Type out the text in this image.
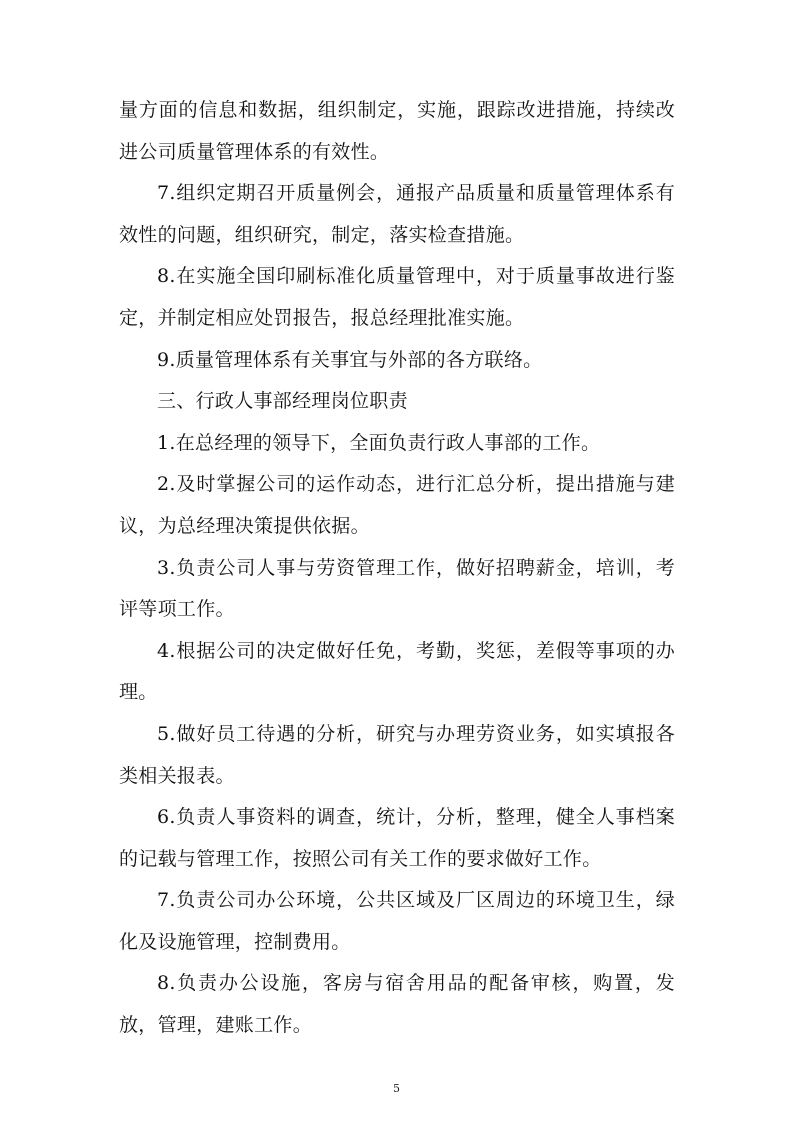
量方面的信息和数据，组织制定，实施，跟踪改进措施，持续改进公司质量管理体系的有效性。

7.组织定期召开质量例会，通报产品质量和质量管理体系有效性的问题，组织研究，制定，落实检查措施。

8.在实施全国印刷标准化质量管理中，对于质量事故进行鉴定，并制定相应处罚报告，报总经理批准实施。

9.质量管理体系有关事宜与外部的各方联络。

三、行政人事部经理岗位职责

1.在总经理的领导下，全面负责行政人事部的工作。

2.及时掌握公司的运作动态，进行汇总分析，提出措施与建议，为总经理决策提供依据。

3.负责公司人事与劳资管理工作，做好招聘薪金，培训，考评等项工作。

4.根据公司的决定做好任免，考勤，奖惩，差假等事项的办理。

5.做好员工待遇的分析，研究与办理劳资业务，如实填报各类相关报表。

6.负责人事资料的调查，统计，分析，整理，健全人事档案的记载与管理工作，按照公司有关工作的要求做好工作。

7.负责公司办公环境，公共区域及厂区周边的环境卫生，绿化及设施管理，控制费用。

8.负责办公设施，客房与宿舍用品的配备审核，购置，发放，管理，建账工作。

5
